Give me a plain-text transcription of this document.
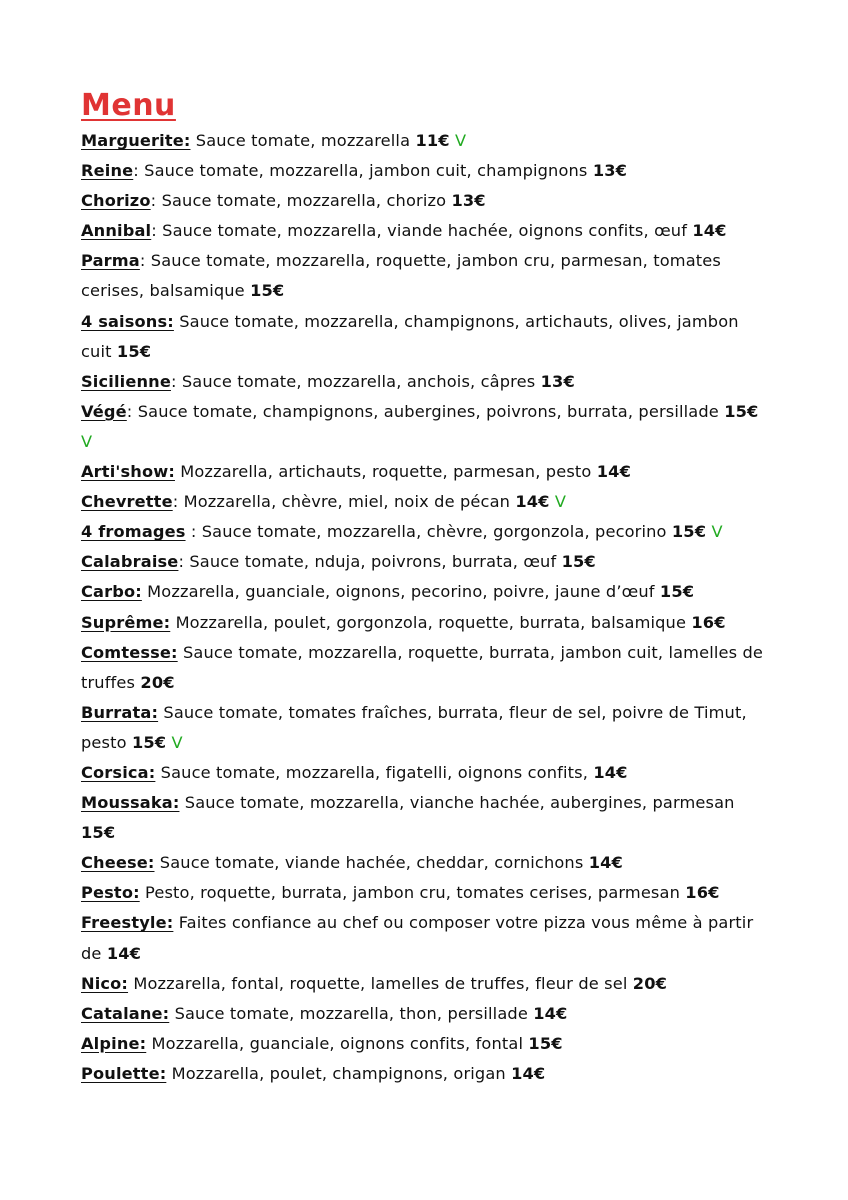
Menu
Marguerite: Sauce tomate, mozzarella 11€ V
Reine: Sauce tomate, mozzarella, jambon cuit, champignons 13€
Chorizo: Sauce tomate, mozzarella, chorizo 13€
Annibal: Sauce tomate, mozzarella, viande hachée, oignons confits, œuf 14€
Parma: Sauce tomate, mozzarella, roquette, jambon cru, parmesan, tomates cerises, balsamique 15€
4 saisons: Sauce tomate, mozzarella, champignons, artichauts, olives, jambon cuit 15€
Sicilienne: Sauce tomate, mozzarella, anchois, câpres 13€
Végé: Sauce tomate, champignons, aubergines, poivrons, burrata, persillade 15€ V
Arti'show: Mozzarella, artichauts, roquette, parmesan, pesto 14€
Chevrette: Mozzarella, chèvre, miel, noix de pécan 14€ V
4 fromages : Sauce tomate, mozzarella, chèvre, gorgonzola, pecorino 15€ V
Calabraise: Sauce tomate, nduja, poivrons, burrata, œuf 15€
Carbo: Mozzarella, guanciale, oignons, pecorino, poivre, jaune d’œuf 15€
Suprême: Mozzarella, poulet, gorgonzola, roquette, burrata, balsamique 16€
Comtesse: Sauce tomate, mozzarella, roquette, burrata, jambon cuit, lamelles de truffes 20€
Burrata: Sauce tomate, tomates fraîches, burrata, fleur de sel, poivre de Timut, pesto 15€ V
Corsica: Sauce tomate, mozzarella, figatelli, oignons confits, 14€
Moussaka: Sauce tomate, mozzarella, vianche hachée, aubergines, parmesan 15€
Cheese: Sauce tomate, viande hachée, cheddar, cornichons 14€
Pesto: Pesto, roquette, burrata, jambon cru, tomates cerises, parmesan 16€
Freestyle: Faites confiance au chef ou composer votre pizza vous même à partir de 14€
Nico: Mozzarella, fontal, roquette, lamelles de truffes, fleur de sel 20€
Catalane: Sauce tomate, mozzarella, thon, persillade 14€
Alpine: Mozzarella, guanciale, oignons confits, fontal 15€
Poulette: Mozzarella, poulet, champignons, origan 14€
